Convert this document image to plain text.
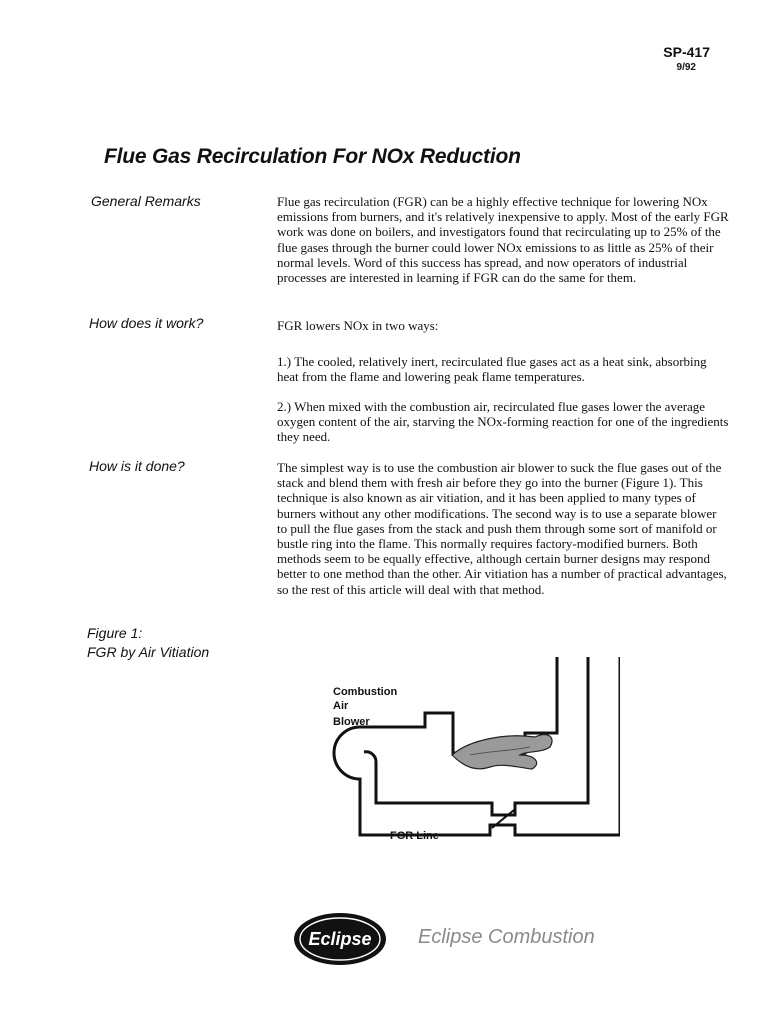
SP-417
9/92
Flue Gas Recirculation For NOx Reduction
General Remarks	Flue gas recirculation (FGR) can be a highly effective technique for lowering NOx emissions from burners, and it's relatively inexpensive to apply. Most of the early FGR work was done on boilers, and investigators found that recirculating up to 25% of the flue gases through the burner could lower NOx emissions to as little as 25% of their normal levels. Word of this success has spread, and now operators of industrial processes are interested in learning if FGR can do the same for them.
How does it work?	FGR lowers NOx in two ways:
1.) The cooled, relatively inert, recirculated flue gases act as a heat sink, absorbing heat from the flame and lowering peak flame temperatures.
2.) When mixed with the combustion air, recirculated flue gases lower the average oxygen content of the air, starving the NOx-forming reaction for one of the ingredients they need.
How is it done?	The simplest way is to use the combustion air blower to suck the flue gases out of the stack and blend them with fresh air before they go into the burner (Figure 1). This technique is also known as air vitiation, and it has been applied to many types of burners without any other modifications. The second way is to use a separate blower to pull the flue gases from the stack and push them through some sort of manifold or bustle ring into the flame. This normally requires factory-modified burners. Both methods seem to be equally effective, although certain burner designs may respond better to one method than the other. Air vitiation has a number of practical advantages, so the rest of this article will deal with that method.
Figure 1:
FGR by Air Vitiation
Combustion
Air
Blower
FGR Line
Eclipse Eclipse Combustion
